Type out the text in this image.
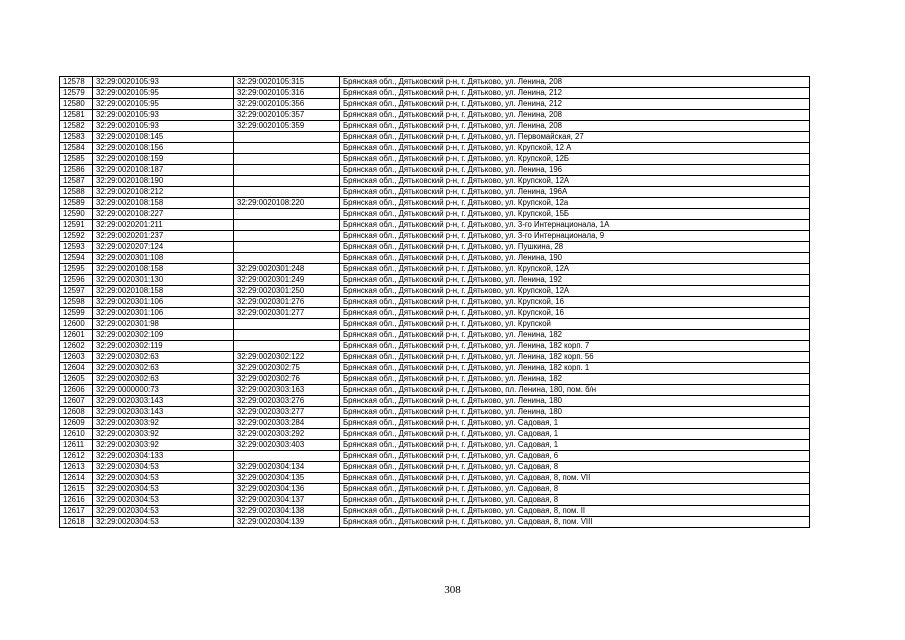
12578	32:29:0020105:93	32:29:0020105:315	Брянская обл., Дятьковский р-н, г. Дятьково, ул. Ленина, 208
12579	32:29:0020105:95	32:29:0020105:316	Брянская обл., Дятьковский р-н, г. Дятьково, ул. Ленина, 212
12580	32:29:0020105:95	32:29:0020105:356	Брянская обл., Дятьковский р-н, г. Дятьково, ул. Ленина, 212
12581	32:29:0020105:93	32:29:0020105:357	Брянская обл., Дятьковский р-н, г. Дятьково, ул. Ленина, 208
12582	32:29:0020105:93	32:29:0020105:359	Брянская обл., Дятьковский р-н, г. Дятьково, ул. Ленина, 208
12583	32:29:0020108:145		Брянская обл., Дятьковский р-н, г. Дятьково, ул. Первомайская, 27
12584	32:29:0020108:156		Брянская обл., Дятьковский р-н, г. Дятьково, ул. Крупской, 12 А
12585	32:29:0020108:159		Брянская обл., Дятьковский р-н, г. Дятьково, ул. Крупской, 12Б
12586	32:29:0020108:187		Брянская обл., Дятьковский р-н, г. Дятьково, ул. Ленина, 196
12587	32:29:0020108:190		Брянская обл., Дятьковский р-н, г. Дятьково, ул. Крупской, 12А
12588	32:29:0020108:212		Брянская обл., Дятьковский р-н, г. Дятьково, ул. Ленина, 196А
12589	32:29:0020108:158	32:29:0020108:220	Брянская обл., Дятьковский р-н, г. Дятьково, ул. Крупской, 12а
12590	32:29:0020108:227		Брянская обл., Дятьковский р-н, г. Дятьково, ул. Крупской, 15Б
12591	32:29:0020201:211		Брянская обл., Дятьковский р-н, г. Дятьково, ул. 3-го Интернационала, 1А
12592	32:29:0020201:237		Брянская обл., Дятьковский р-н, г. Дятьково, ул. 3-го Интернационала, 9
12593	32:29:0020207:124		Брянская обл., Дятьковский р-н, г. Дятьково, ул. Пушкина, 28
12594	32:29:0020301:108		Брянская обл., Дятьковский р-н, г. Дятьково, ул. Ленина, 190
12595	32:29:0020108:158	32:29:0020301:248	Брянская обл., Дятьковский р-н, г. Дятьково, ул. Крупской, 12А
12596	32:29:0020301:130	32:29:0020301:249	Брянская обл., Дятьковский р-н, г. Дятьково, ул. Ленина, 192
12597	32:29:0020108:158	32:29:0020301:250	Брянская обл., Дятьковский р-н, г. Дятьково, ул. Крупской, 12А
12598	32:29:0020301:106	32:29:0020301:276	Брянская обл., Дятьковский р-н, г. Дятьково, ул. Крупской, 16
12599	32:29:0020301:106	32:29:0020301:277	Брянская обл., Дятьковский р-н, г. Дятьково, ул. Крупской, 16
12600	32:29:0020301:98		Брянская обл., Дятьковский р-н, г. Дятьково, ул. Крупской
12601	32:29:0020302:109		Брянская обл., Дятьковский р-н, г. Дятьково, ул. Ленина, 182
12602	32:29:0020302:119		Брянская обл., Дятьковский р-н, г. Дятьково, ул. Ленина, 182 корп. 7
12603	32:29:0020302:63	32:29:0020302:122	Брянская обл., Дятьковский р-н, г. Дятьково, ул. Ленина, 182 корп. 56
12604	32:29:0020302:63	32:29:0020302:75	Брянская обл., Дятьковский р-н, г. Дятьково, ул. Ленина, 182 корп. 1
12605	32:29:0020302:63	32:29:0020302:76	Брянская обл., Дятьковский р-н, г. Дятьково, ул. Ленина, 182
12606	32:29:0000000:73	32:29:0020303:163	Брянская обл., Дятьковский р-н, г. Дятьково, пл. Ленина, 180, пом. б/н
12607	32:29:0020303:143	32:29:0020303:276	Брянская обл., Дятьковский р-н, г. Дятьково, ул. Ленина, 180
12608	32:29:0020303:143	32:29:0020303:277	Брянская обл., Дятьковский р-н, г. Дятьково, ул. Ленина, 180
12609	32:29:0020303:92	32:29:0020303:284	Брянская обл., Дятьковский р-н, г. Дятьково, ул. Садовая, 1
12610	32:29:0020303:92	32:29:0020303:292	Брянская обл., Дятьковский р-н, г. Дятьково, ул. Садовая, 1
12611	32:29:0020303:92	32:29:0020303:403	Брянская обл., Дятьковский р-н, г. Дятьково, ул. Садовая, 1
12612	32:29:0020304:133		Брянская обл., Дятьковский р-н, г. Дятьково, ул. Садовая, 6
12613	32:29:0020304:53	32:29:0020304:134	Брянская обл., Дятьковский р-н, г. Дятьково, ул. Садовая, 8
12614	32:29:0020304:53	32:29:0020304:135	Брянская обл., Дятьковский р-н, г. Дятьково, ул. Садовая, 8, пом. VII
12615	32:29:0020304:53	32:29:0020304:136	Брянская обл., Дятьковский р-н, г. Дятьково, ул. Садовая, 8
12616	32:29:0020304:53	32:29:0020304:137	Брянская обл., Дятьковский р-н, г. Дятьково, ул. Садовая, 8
12617	32:29:0020304:53	32:29:0020304:138	Брянская обл., Дятьковский р-н, г. Дятьково, ул. Садовая, 8, пом. II
12618	32:29:0020304:53	32:29:0020304:139	Брянская обл., Дятьковский р-н, г. Дятьково, ул. Садовая, 8, пом. VIII
308
